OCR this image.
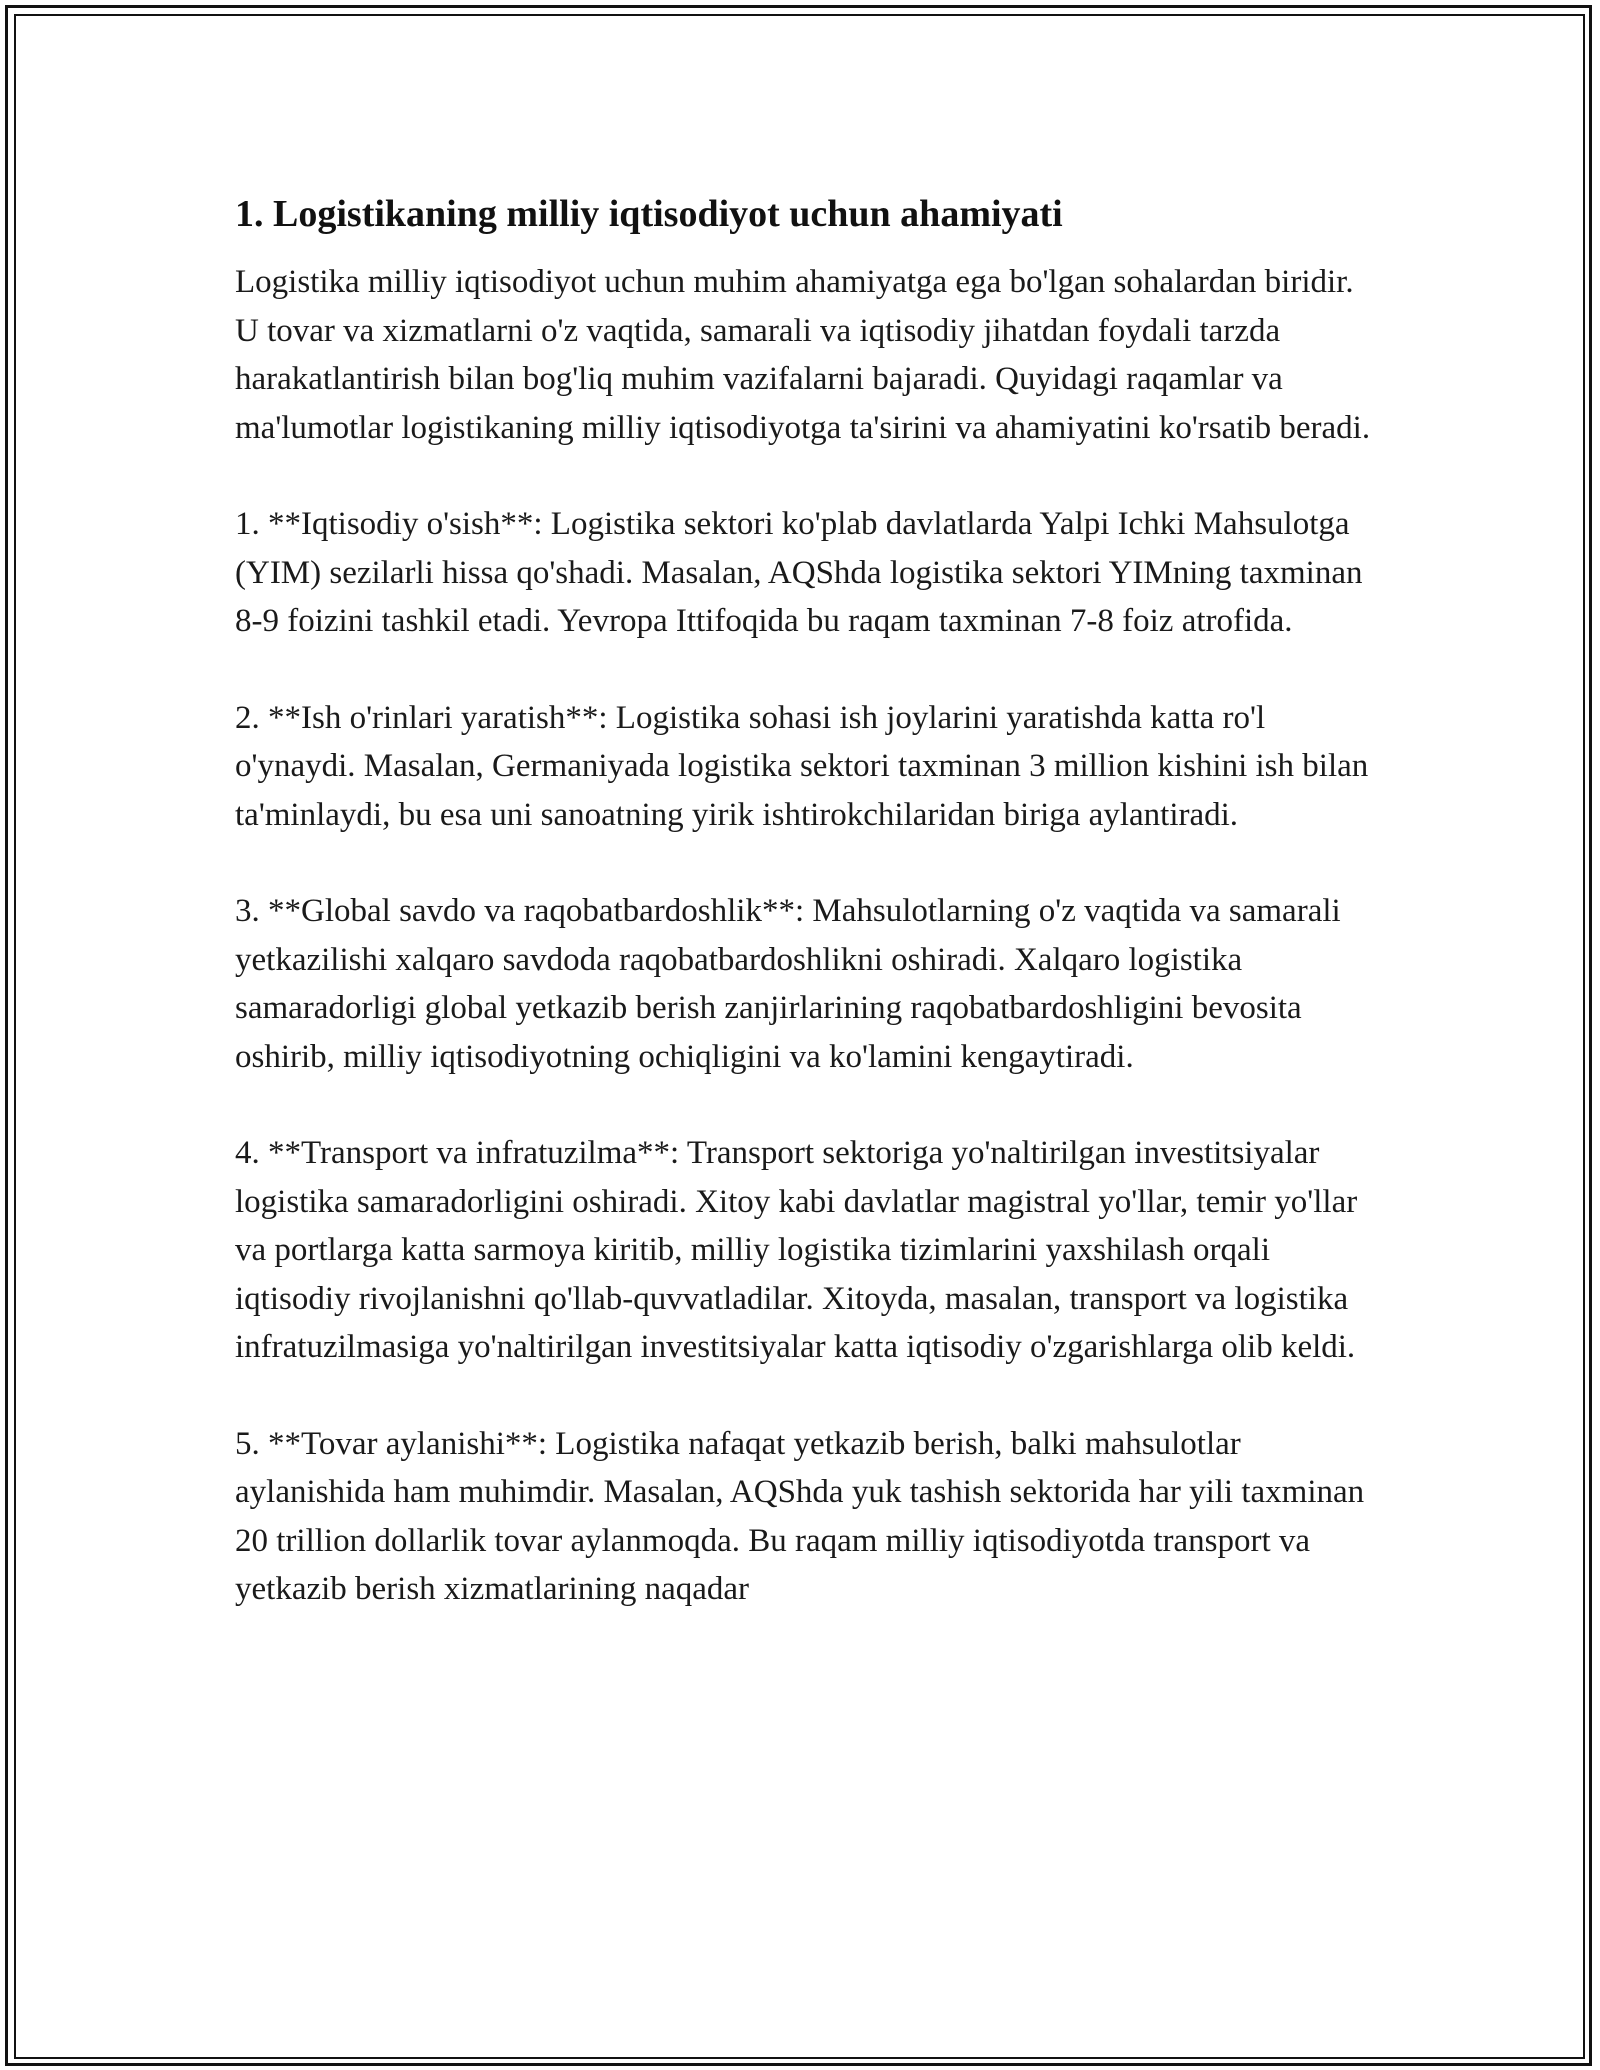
1. Logistikaning milliy iqtisodiyot uchun ahamiyati

Logistika milliy iqtisodiyot uchun muhim ahamiyatga ega bo'lgan sohalardan biridir. U tovar va xizmatlarni o'z vaqtida, samarali va iqtisodiy jihatdan foydali tarzda harakatlantirish bilan bog'liq muhim vazifalarni bajaradi. Quyidagi raqamlar va ma'lumotlar logistikaning milliy iqtisodiyotga ta'sirini va ahamiyatini ko'rsatib beradi.

1. **Iqtisodiy o'sish**: Logistika sektori ko'plab davlatlarda Yalpi Ichki Mahsulotga (YIM) sezilarli hissa qo'shadi. Masalan, AQShda logistika sektori YIMning taxminan 8-9 foizini tashkil etadi. Yevropa Ittifoqida bu raqam taxminan 7-8 foiz atrofida.

2. **Ish o'rinlari yaratish**: Logistika sohasi ish joylarini yaratishda katta ro'l o'ynaydi. Masalan, Germaniyada logistika sektori taxminan 3 million kishini ish bilan ta'minlaydi, bu esa uni sanoatning yirik ishtirokchilaridan biriga aylantiradi.

3. **Global savdo va raqobatbardoshlik**: Mahsulotlarning o'z vaqtida va samarali yetkazilishi xalqaro savdoda raqobatbardoshlikni oshiradi. Xalqaro logistika samaradorligi global yetkazib berish zanjirlarining raqobatbardoshligini bevosita oshirib, milliy iqtisodiyotning ochiqligini va ko'lamini kengaytiradi.

4. **Transport va infratuzilma**: Transport sektoriga yo'naltirilgan investitsiyalar logistika samaradorligini oshiradi. Xitoy kabi davlatlar magistral yo'llar, temir yo'llar va portlarga katta sarmoya kiritib, milliy logistika tizimlarini yaxshilash orqali iqtisodiy rivojlanishni qo'llab-quvvatladilar. Xitoyda, masalan, transport va logistika infratuzilmasiga yo'naltirilgan investitsiyalar katta iqtisodiy o'zgarishlarga olib keldi.

5. **Tovar aylanishi**: Logistika nafaqat yetkazib berish, balki mahsulotlar aylanishida ham muhimdir. Masalan, AQShda yuk tashish sektorida har yili taxminan 20 trillion dollarlik tovar aylanmoqda. Bu raqam milliy iqtisodiyotda transport va yetkazib berish xizmatlarining naqadar
